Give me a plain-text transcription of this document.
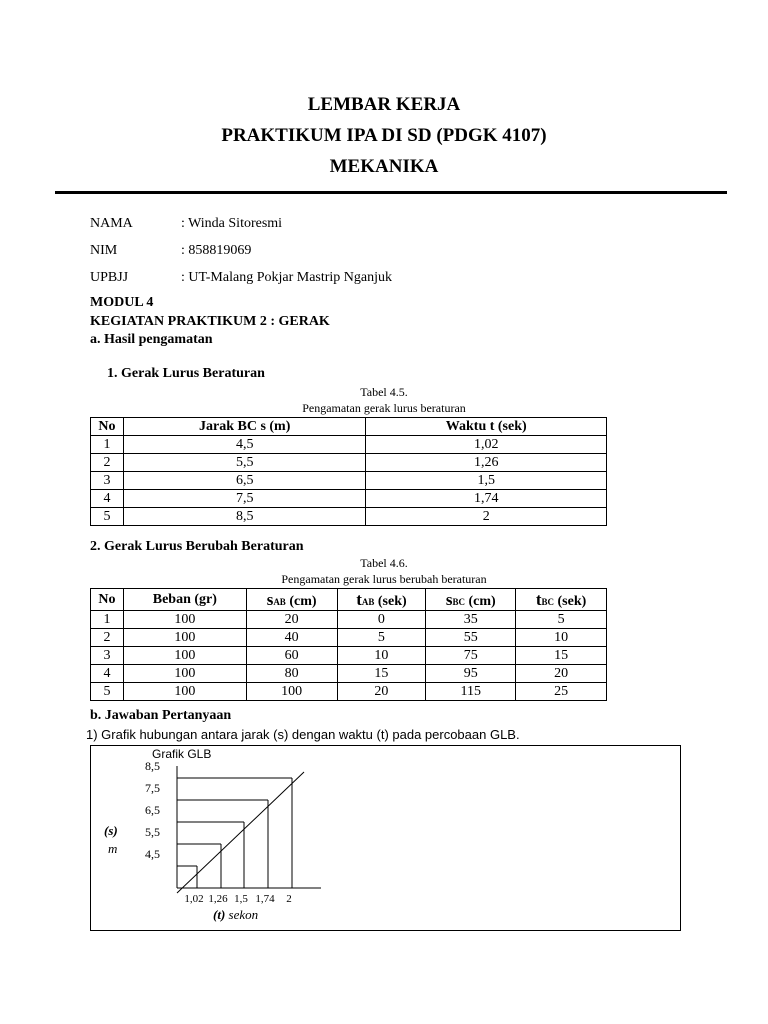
LEMBAR KERJA
PRAKTIKUM IPA DI SD (PDGK 4107)
MEKANIKA
NAMA	: Winda Sitoresmi
NIM	: 858819069
UPBJJ	: UT-Malang Pokjar Mastrip Nganjuk
MODUL 4
KEGIATAN PRAKTIKUM 2 : GERAK
a. Hasil pengamatan
1. Gerak Lurus Beraturan
Tabel 4.5.
Pengamatan gerak lurus beraturan
No	Jarak BC s (m)	Waktu t (sek)
1	4,5	1,02
2	5,5	1,26
3	6,5	1,5
4	7,5	1,74
5	8,5	2
2. Gerak Lurus Berubah Beraturan
Tabel 4.6.
Pengamatan gerak lurus berubah beraturan
No	Beban (gr)	sAB (cm)	tAB (sek)	sBC (cm)	tBC (sek)
1	100	20	0	35	5
2	100	40	5	55	10
3	100	60	10	75	15
4	100	80	15	95	20
5	100	100	20	115	25
b. Jawaban Pertanyaan
1) Grafik hubungan antara jarak (s) dengan waktu (t) pada percobaan GLB.
Grafik GLB
(s)
m
(t) sekon
4,5
5,5
6,5
7,5
8,5
1,02 1,26 1,5 1,74 2
